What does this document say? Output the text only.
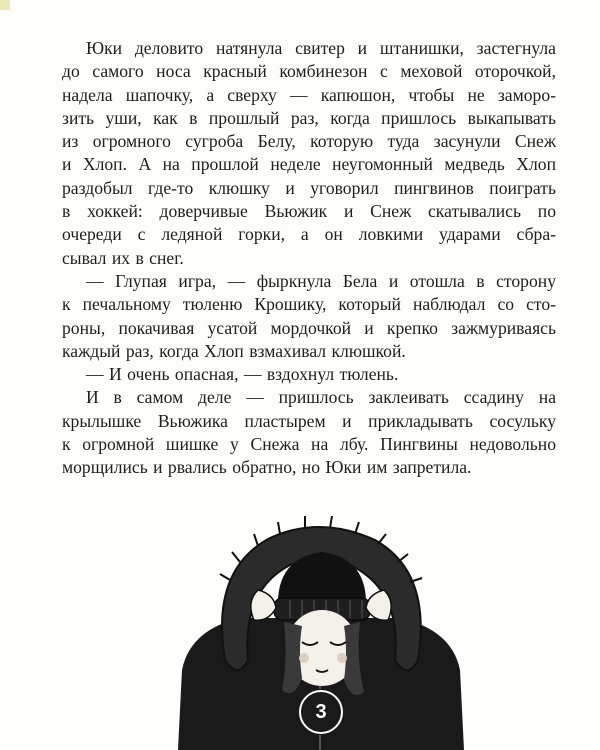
Юки деловито натянула свитер и штанишки, застегнула

до самого носа красный комбинезон с меховой оторочкой,

надела шапочку, а сверху — капюшон, чтобы не заморо-

зить уши, как в прошлый раз, когда пришлось выкапывать

из огромного сугроба Белу, которую туда засунули Снеж

и Хлоп. А на прошлой неделе неугомонный медведь Хлоп

раздобыл где-то клюшку и уговорил пингвинов поиграть

в хоккей: доверчивые Вьюжик и Снеж скатывались по

очереди с ледяной горки, а он ловкими ударами сбра-

сывал их в снег.

— Глупая игра, — фыркнула Бела и отошла в сторону

к печальному тюленю Крошику, который наблюдал со сто-

роны, покачивая усатой мордочкой и крепко зажмуриваясь

каждый раз, когда Хлоп взмахивал клюшкой.

— И очень опасная, — вздохнул тюлень.

И в самом деле — пришлось заклеивать ссадину на

крылышке Вьюжика пластырем и прикладывать сосульку

к огромной шишке у Снежа на лбу. Пингвины недовольно

морщились и рвались обратно, но Юки им запретила.

3
